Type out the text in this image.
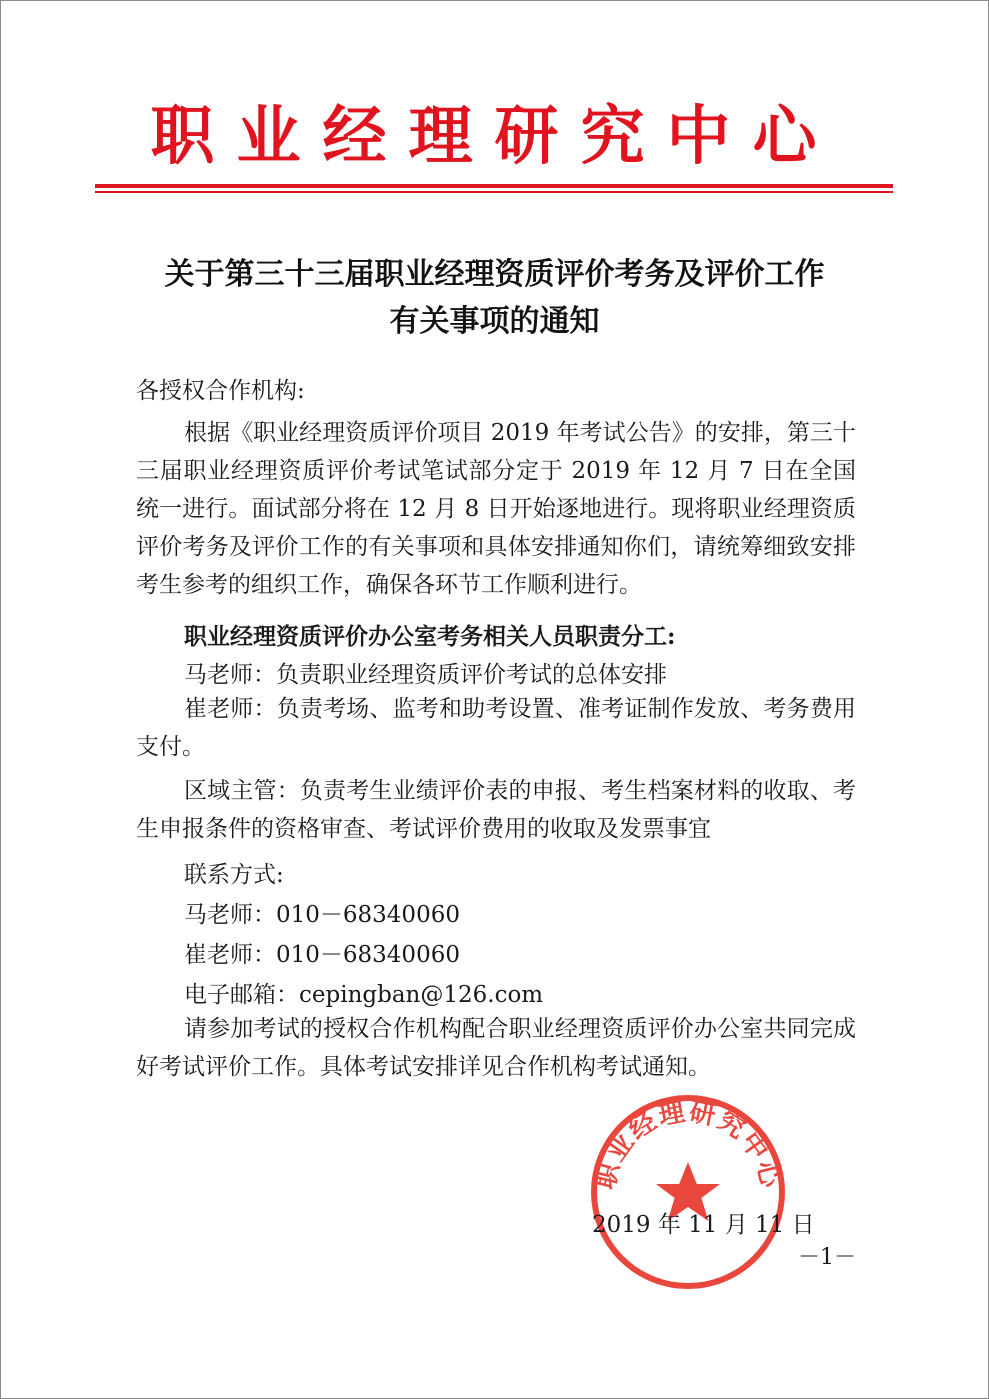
职业经理研究中心
关于第三十三届职业经理资质评价考务及评价工作
有关事项的通知
各授权合作机构:
根据《职业经理资质评价项目 2019 年考试公告》的安排，第三十三届职业经理资质评价考试笔试部分定于 2019 年 12 月 7 日在全国统一进行。面试部分将在 12 月 8 日开始逐地进行。现将职业经理资质评价考务及评价工作的有关事项和具体安排通知你们，请统筹细致安排考生参考的组织工作，确保各环节工作顺利进行。
职业经理资质评价办公室考务相关人员职责分工:
马老师：负责职业经理资质评价考试的总体安排
崔老师：负责考场、监考和助考设置、准考证制作发放、考务费用支付。
区域主管：负责考生业绩评价表的申报、考生档案材料的收取、考生申报条件的资格审查、考试评价费用的收取及发票事宜
联系方式:
马老师：010－68340060
崔老师：010－68340060
电子邮箱：cepingban@126.com
请参加考试的授权合作机构配合职业经理资质评价办公室共同完成好考试评价工作。具体考试安排详见合作机构考试通知。
职业经理研究中心
2019 年 11 月 11 日
－1－
